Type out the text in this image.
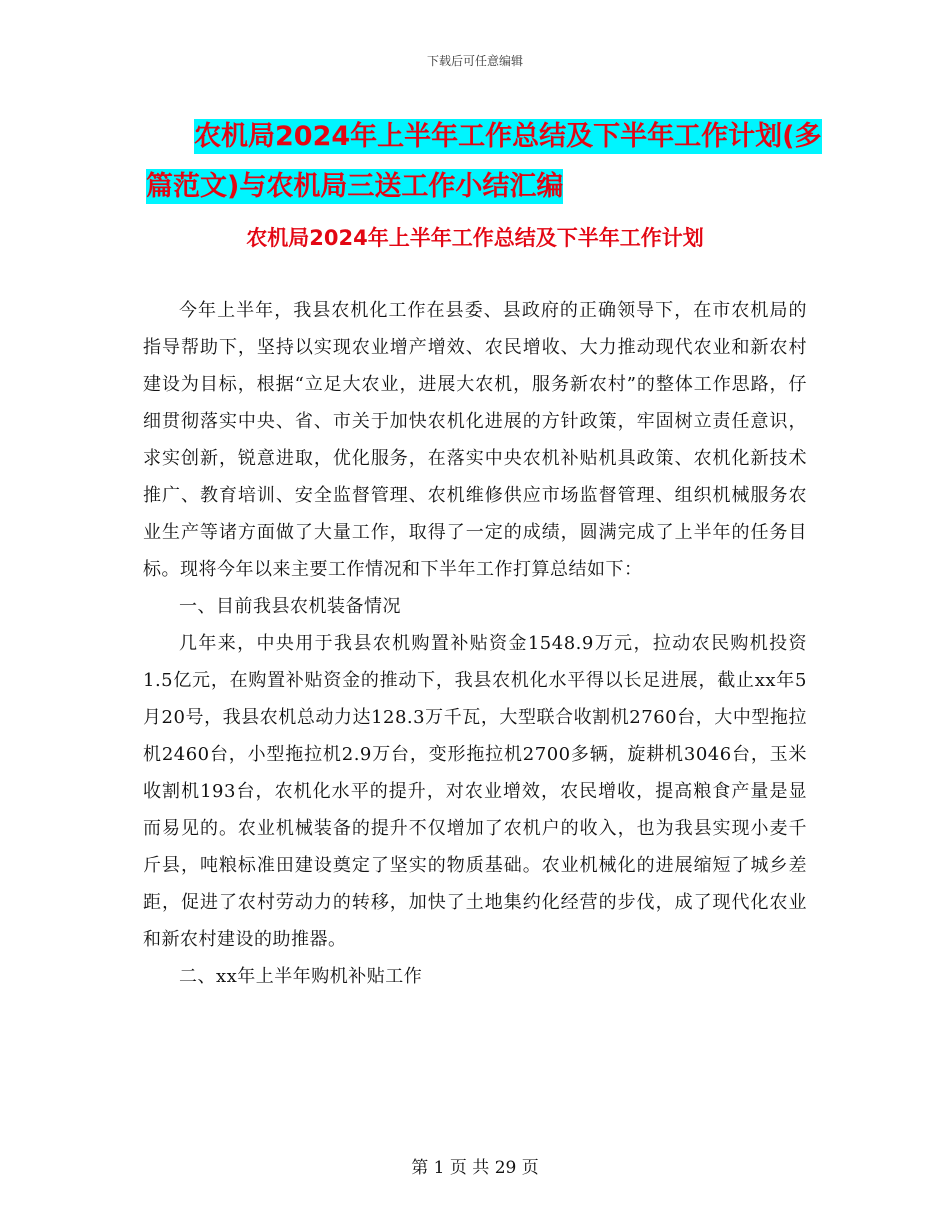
下载后可任意编辑
农机局2024年上半年工作总结及下半年工作计划(多
篇范文)与农机局三送工作小结汇编
农机局2024年上半年工作总结及下半年工作计划

今年上半年，我县农机化工作在县委、县政府的正确领导下，在市农机局的指导帮助下，坚持以实现农业增产增效、农民增收、大力推动现代农业和新农村建设为目标，根据“立足大农业，进展大农机，服务新农村”的整体工作思路，仔细贯彻落实中央、省、市关于加快农机化进展的方针政策，牢固树立责任意识，求实创新，锐意进取，优化服务，在落实中央农机补贴机具政策、农机化新技术推广、教育培训、安全监督管理、农机维修供应市场监督管理、组织机械服务农业生产等诸方面做了大量工作，取得了一定的成绩，圆满完成了上半年的任务目标。现将今年以来主要工作情况和下半年工作打算总结如下：

一、目前我县农机装备情况

几年来，中央用于我县农机购置补贴资金1548.9万元，拉动农民购机投资1.5亿元，在购置补贴资金的推动下，我县农机化水平得以长足进展，截止xx年5月20号，我县农机总动力达128.3万千瓦，大型联合收割机2760台，大中型拖拉机2460台，小型拖拉机2.9万台，变形拖拉机2700多辆，旋耕机3046台，玉米收割机193台，农机化水平的提升，对农业增效，农民增收，提高粮食产量是显而易见的。农业机械装备的提升不仅增加了农机户的收入，也为我县实现小麦千斤县，吨粮标准田建设奠定了坚实的物质基础。农业机械化的进展缩短了城乡差距，促进了农村劳动力的转移，加快了土地集约化经营的步伐，成了现代化农业和新农村建设的助推器。

二、xx年上半年购机补贴工作

第 1 页 共 29 页
